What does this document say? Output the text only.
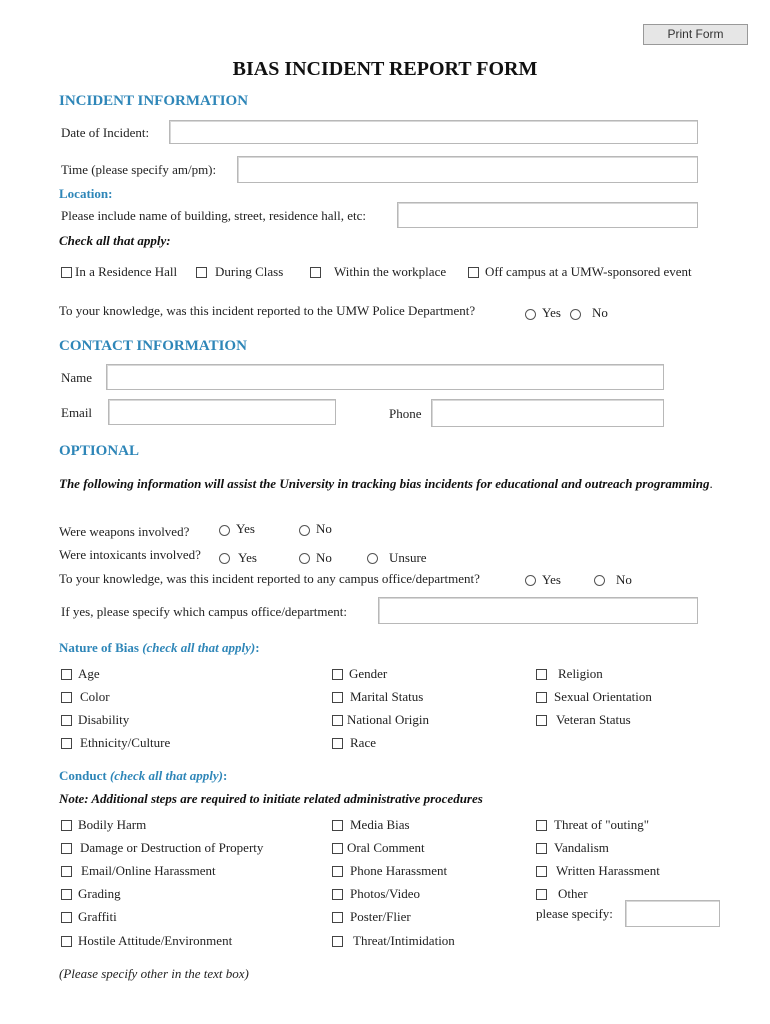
Print Form
BIAS INCIDENT REPORT FORM
INCIDENT INFORMATION
Date of Incident:
Time (please specify am/pm):
Location:
Please include name of building, street, residence hall, etc:
Check all that apply:
In a Residence Hall	During Class	Within the workplace	Off campus at a UMW-sponsored event
To your knowledge, was this incident reported to the UMW Police Department?	Yes No
CONTACT INFORMATION
Name
Email	Phone
OPTIONAL
The following information will assist the University in tracking bias incidents for educational and outreach programming.
Were weapons involved?	Yes	No
Were intoxicants involved?	Yes	No	Unsure
To your knowledge, was this incident reported to any campus office/department?	Yes	No
If yes, please specify which campus office/department:
Nature of Bias (check all that apply):
Age
Color
Disability
Ethnicity/Culture
Gender
Marital Status
National Origin
Race
Religion
Sexual Orientation
Veteran Status
Conduct (check all that apply):
Note: Additional steps are required to initiate related administrative procedures
Bodily Harm
Damage or Destruction of Property
Email/Online Harassment
Grading
Graffiti
Hostile Attitude/Environment
Media Bias
Oral Comment
Phone Harassment
Photos/Video
Poster/Flier
Threat/Intimidation
Threat of "outing"
Vandalism
Written Harassment
Other
please specify:
(Please specify other in the text box)
